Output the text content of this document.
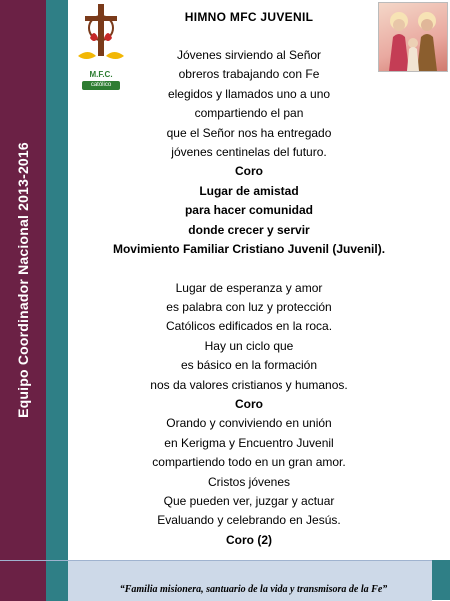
Equipo Coordinador Nacional 2013-2016
M.F.C.
católico
HIMNO MFC JUVENIL
Jóvenes sirviendo al Señor
obreros trabajando con Fe
elegidos y llamados uno a uno
compartiendo el pan
que el Señor nos ha entregado
jóvenes centinelas del futuro.
Coro
Lugar de amistad
para hacer comunidad
donde crecer y servir
Movimiento Familiar Cristiano Juvenil (Juvenil).
Lugar de esperanza y amor
es palabra con luz y protección
Católicos edificados en la roca.
Hay un ciclo que
es básico en la formación
nos da valores cristianos y humanos.
Coro
Orando y conviviendo en unión
en Kerigma y Encuentro Juvenil
compartiendo todo en un gran amor.
Cristos jóvenes
Que pueden ver, juzgar y actuar
Evaluando y celebrando en Jesús.
Coro (2)
“Familia misionera, santuario de la vida y transmisora de la Fe”
